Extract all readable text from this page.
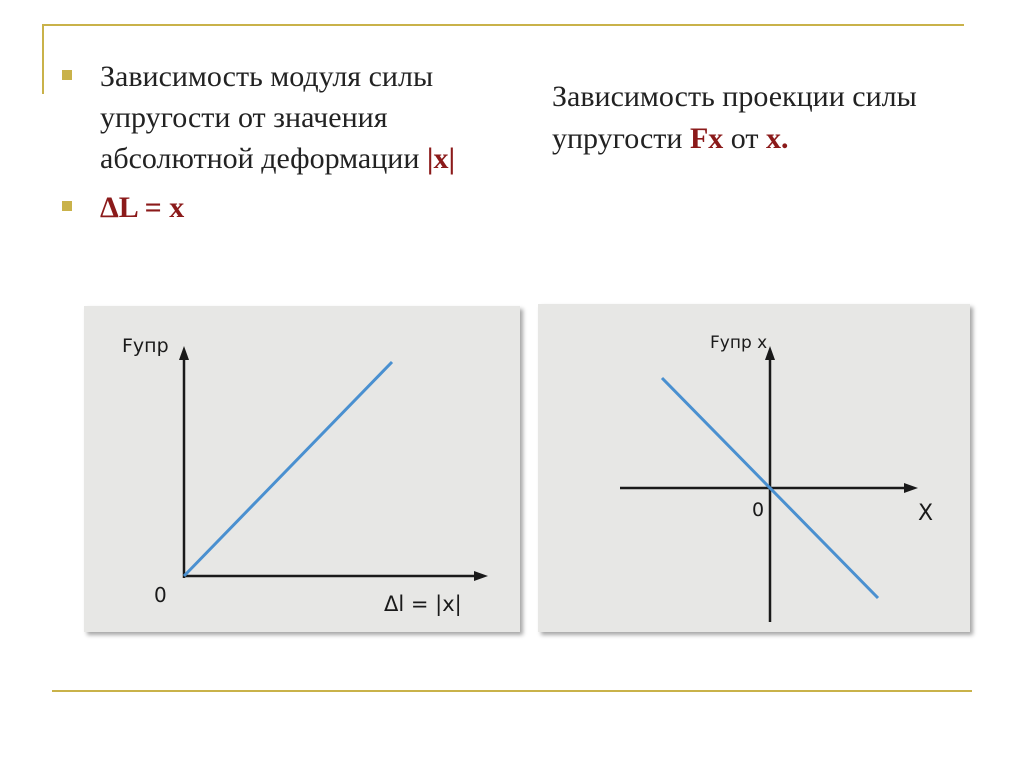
Зависимость модуля силы упругости от значения абсолютной деформации |x|
ΔL = x
Зависимость проекции силы упругости Fx от x.
Fупр
Δl = |x|
0
Fупр x
X
0
